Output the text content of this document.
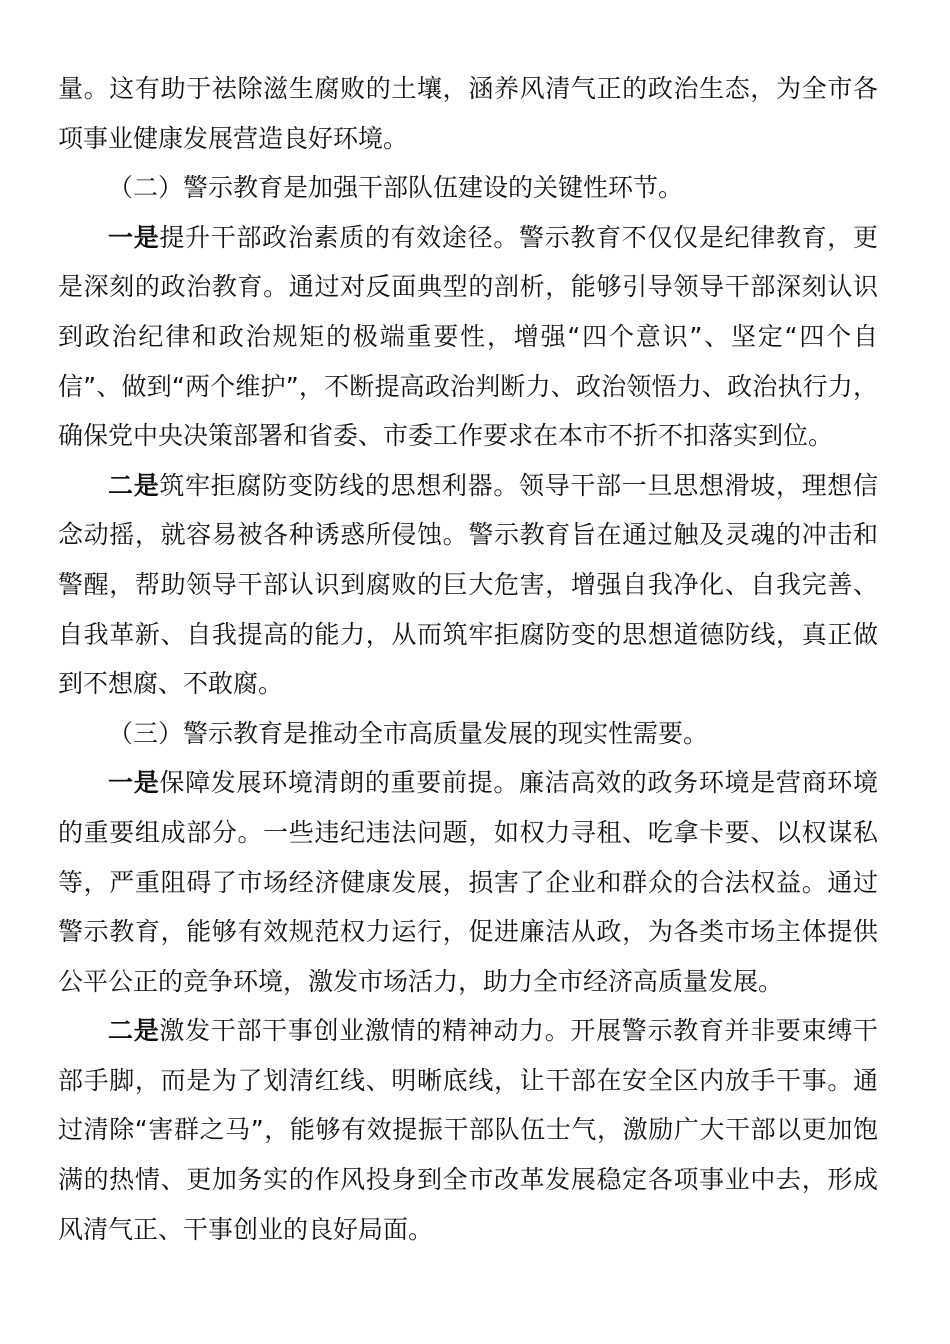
量。这有助于祛除滋生腐败的土壤，涵养风清气正的政治生态，为全市各项事业健康发展营造良好环境。

（二）警示教育是加强干部队伍建设的关键性环节。

一是提升干部政治素质的有效途径。警示教育不仅仅是纪律教育，更是深刻的政治教育。通过对反面典型的剖析，能够引导领导干部深刻认识到政治纪律和政治规矩的极端重要性，增强“四个意识”、坚定“四个自信”、做到“两个维护”，不断提高政治判断力、政治领悟力、政治执行力，确保党中央决策部署和省委、市委工作要求在本市不折不扣落实到位。

二是筑牢拒腐防变防线的思想利器。领导干部一旦思想滑坡，理想信念动摇，就容易被各种诱惑所侵蚀。警示教育旨在通过触及灵魂的冲击和警醒，帮助领导干部认识到腐败的巨大危害，增强自我净化、自我完善、自我革新、自我提高的能力，从而筑牢拒腐防变的思想道德防线，真正做到不想腐、不敢腐。

（三）警示教育是推动全市高质量发展的现实性需要。

一是保障发展环境清朗的重要前提。廉洁高效的政务环境是营商环境的重要组成部分。一些违纪违法问题，如权力寻租、吃拿卡要、以权谋私等，严重阻碍了市场经济健康发展，损害了企业和群众的合法权益。通过警示教育，能够有效规范权力运行，促进廉洁从政，为各类市场主体提供公平公正的竞争环境，激发市场活力，助力全市经济高质量发展。

二是激发干部干事创业激情的精神动力。开展警示教育并非要束缚干部手脚，而是为了划清红线、明晰底线，让干部在安全区内放手干事。通过清除“害群之马”，能够有效提振干部队伍士气，激励广大干部以更加饱满的热情、更加务实的作风投身到全市改革发展稳定各项事业中去，形成风清气正、干事创业的良好局面。
